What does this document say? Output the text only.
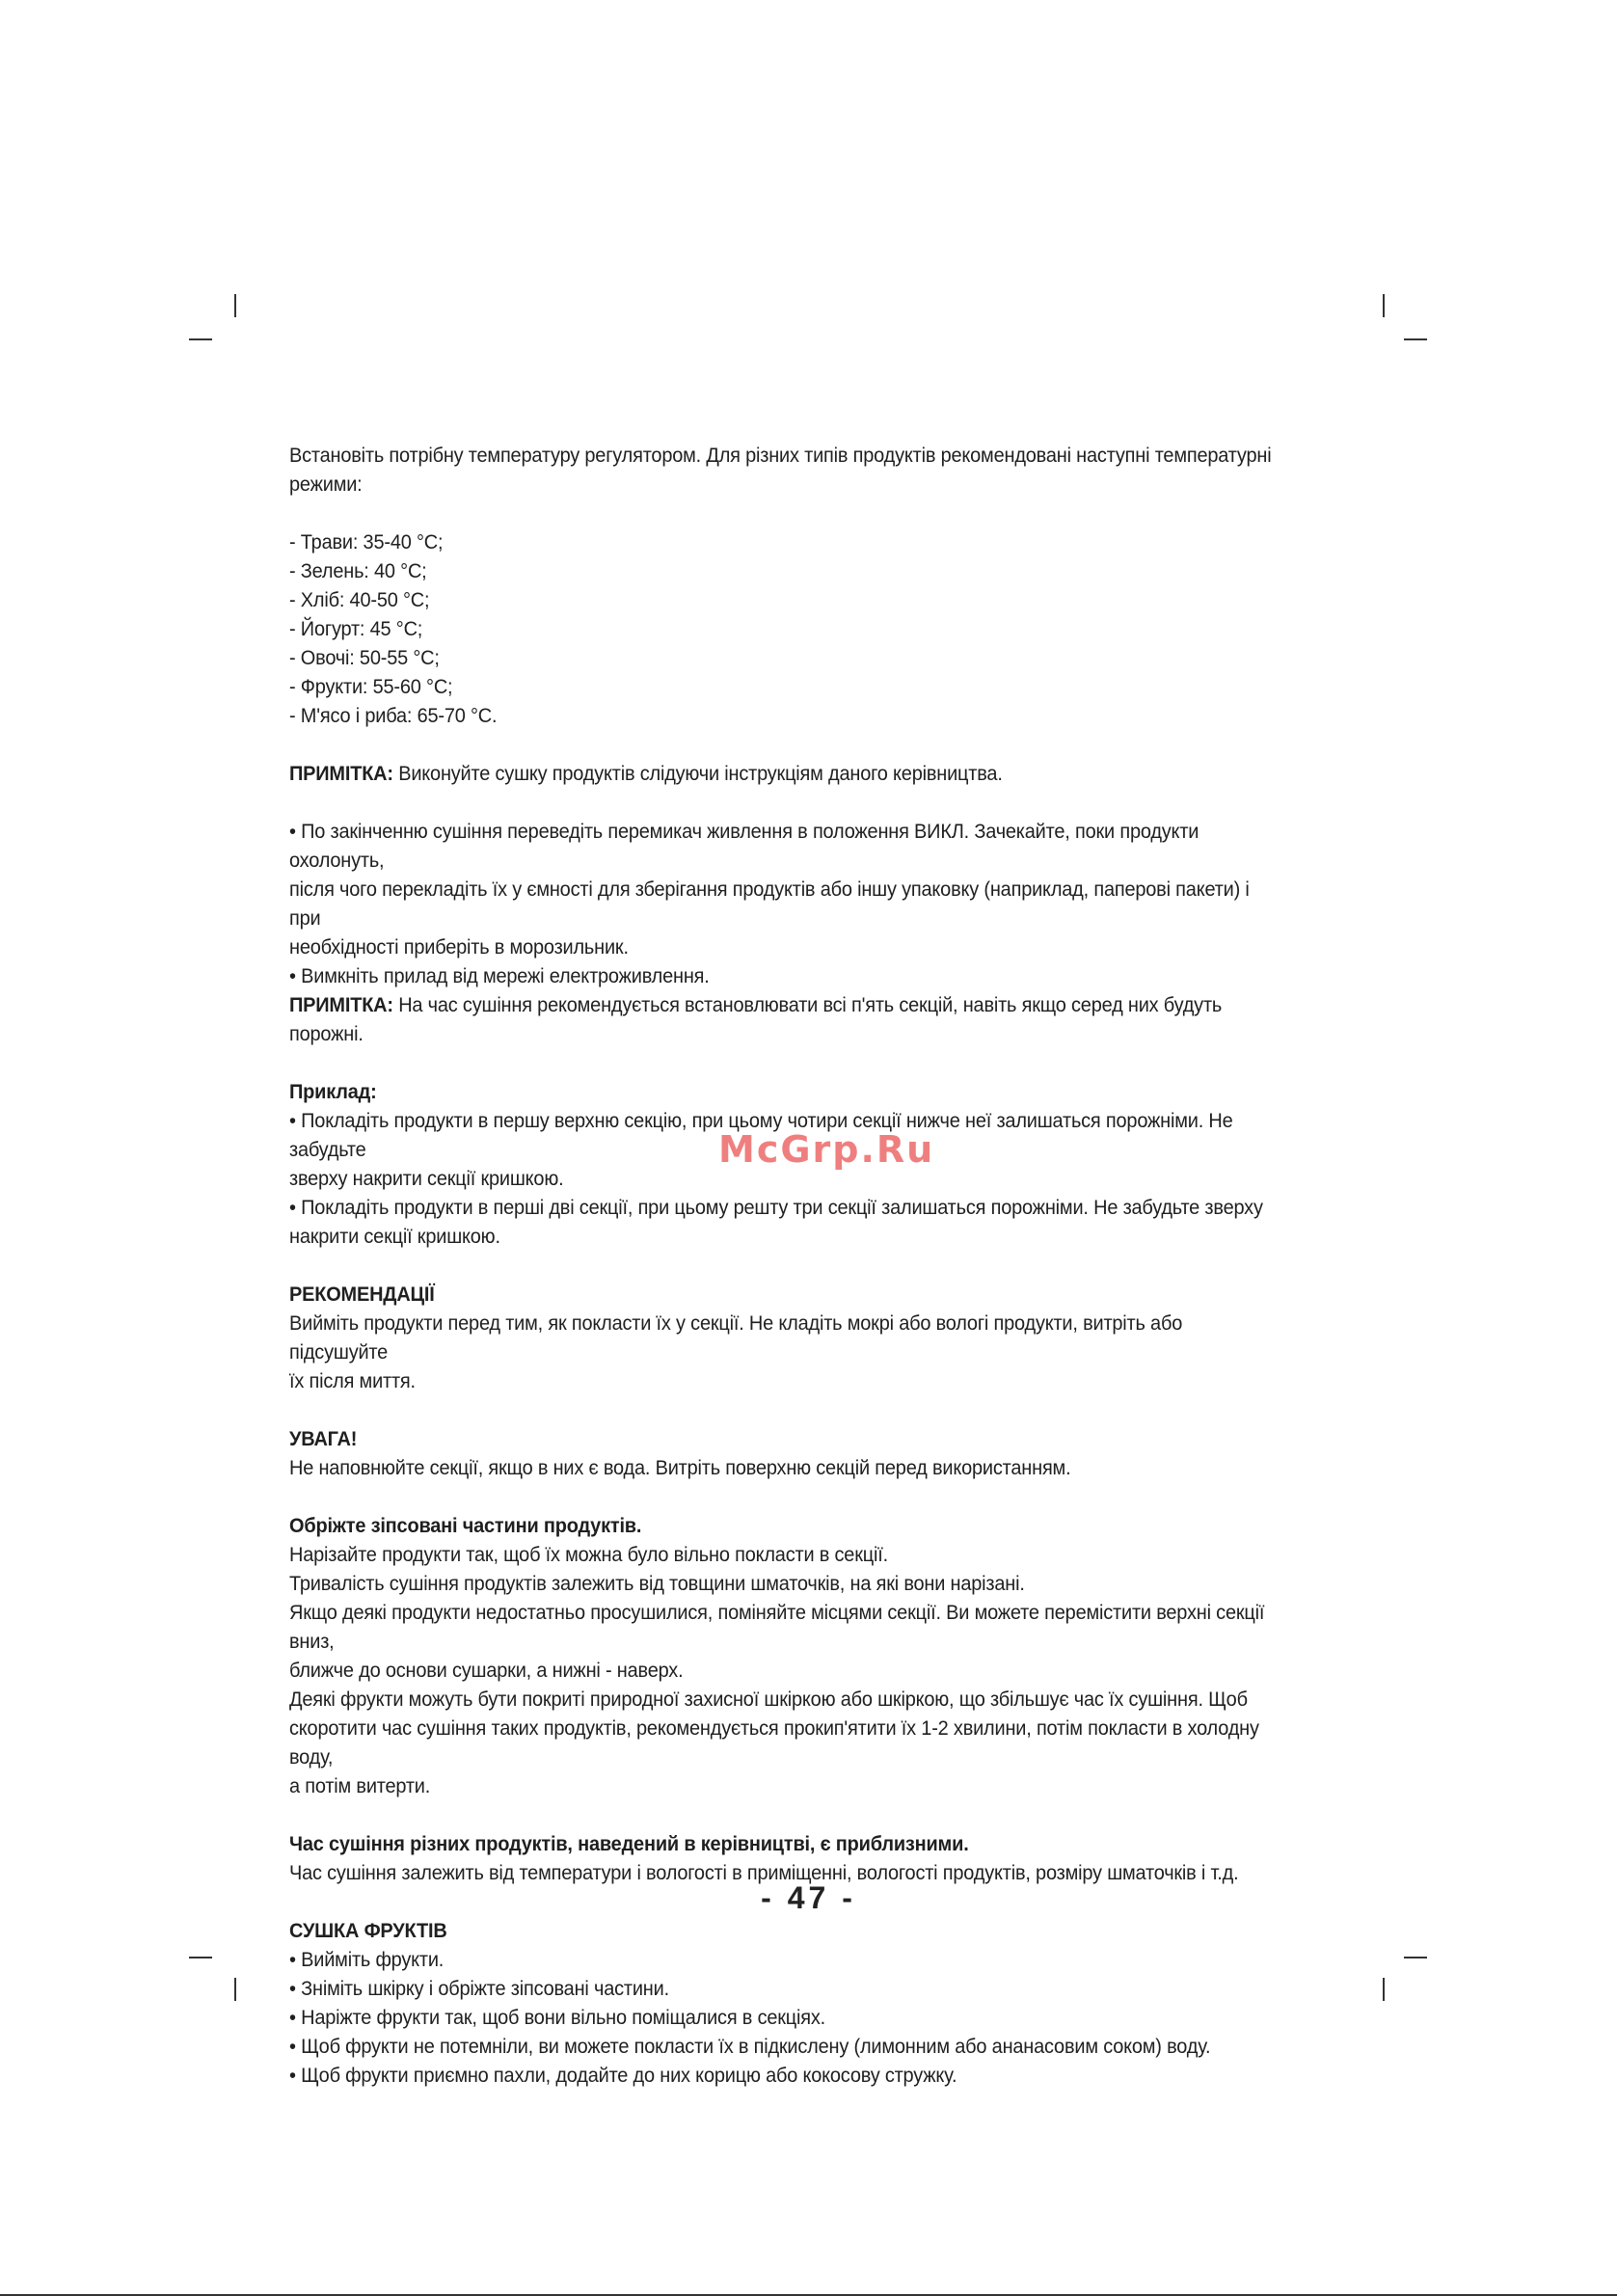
Встановіть потрібну температуру регулятором. Для різних типів продуктів рекомендовані наступні температурні

режими:

- Трави: 35-40 °С;

- Зелень: 40 °С;

- Хліб: 40-50 °С;

- Йогурт: 45 °С;

- Овочі: 50-55 °С;

- Фрукти: 55-60 °С;

- М'ясо і риба: 65-70 °С.

ПРИМІТКА: Виконуйте сушку продуктів слідуючи інструкціям даного керівництва.

• По закінченню сушіння переведіть перемикач живлення в положення ВИКЛ. Зачекайте, поки продукти охолонуть,

після чого перекладіть їх у ємності для зберігання продуктів або іншу упаковку (наприклад, паперові пакети) і при

необхідності приберіть в морозильник.

• Вимкніть прилад від мережі електроживлення.

ПРИМІТКА: На час сушіння рекомендується встановлювати всі п'ять секцій, навіть якщо серед них будуть порожні.

Приклад:

• Покладіть продукти в першу верхню секцію, при цьому чотири секції нижче неї залишаться порожніми. Не забудьте

зверху накрити секції кришкою.

• Покладіть продукти в перші дві секції, при цьому решту три секції залишаться порожніми. Не забудьте зверху

накрити секції кришкою.

РЕКОМЕНДАЦІЇ

Вийміть продукти перед тим, як покласти їх у секції. Не кладіть мокрі або вологі продукти, витріть або підсушуйте

їх після миття.

УВАГА!

Не наповнюйте секції, якщо в них є вода. Витріть поверхню секцій перед використанням.

Обріжте зіпсовані частини продуктів.

Нарізайте продукти так, щоб їх можна було вільно покласти в секції.

Тривалість сушіння продуктів залежить від товщини шматочків, на які вони нарізані.

Якщо деякі продукти недостатньо просушилися, поміняйте місцями секції. Ви можете перемістити верхні секції вниз,

ближче до основи сушарки, а нижні - наверх.

Деякі фрукти можуть бути покриті природної захисної шкіркою або шкіркою, що збільшує час їх сушіння. Щоб

скоротити час сушіння таких продуктів, рекомендується прокип'ятити їх 1-2 хвилини, потім покласти в холодну воду,

а потім витерти.

Час сушіння різних продуктів, наведений в керівництві, є приблизними.

Час сушіння залежить від температури і вологості в приміщенні, вологості продуктів, розміру шматочків і т.д.

СУШКА ФРУКТІВ

• Вийміть фрукти.

• Зніміть шкірку і обріжте зіпсовані частини.

• Наріжте фрукти так, щоб вони вільно поміщалися в секціях.

• Щоб фрукти не потемніли, ви можете покласти їх в підкислену (лимонним або ананасовим соком) воду.

• Щоб фрукти приємно пахли, додайте до них корицю або кокосову стружку.

McGrp.Ru
- 47 -
